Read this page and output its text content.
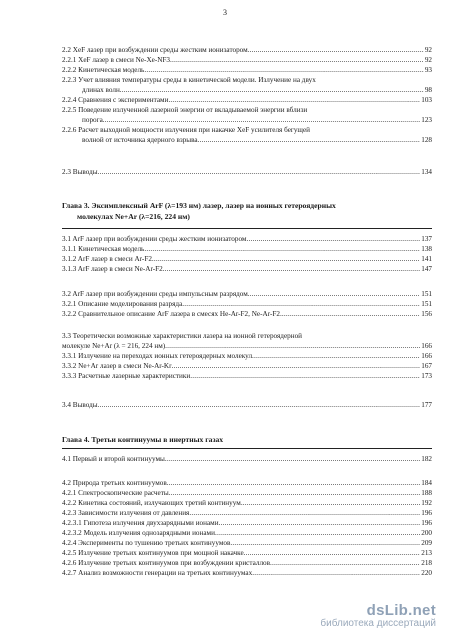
3
2.2 XeF лазер при возбуждении среды жестким ионизатором .....	92
2.2.1 XeF лазер в смеси Ne-Xe-NF3 .....	92
2.2.2 Кинетическая модель .....	93
2.2.3 Учет влияния температуры среды в кинетической модели. Излучение на двух
длинах волн .....	98
2.2.4 Сравнения с экспериментами .....	103
2.2.5 Поведение излученной лазерной энергии от вкладываемой энергии вблизи
порога .....	123
2.2.6 Расчет выходной мощности излучения при накачке XeF усилителя бегущей
волной от источника ядерного взрыва .....	128
2.3 Выводы .....	134
Глава 3. Эксимплексный ArF (λ=193 нм) лазер, лазер на ионных гетероядерных
молекулах Ne+Ar (λ=216, 224 нм)
3.1 ArF лазер при возбуждении среды жестким ионизатором .....	137
3.1.1 Кинетическая модель .....	138
3.1.2 ArF лазер в смеси Ar-F2 .....	141
3.1.3 ArF лазер в смеси Ne-Ar-F2 .....	147
3.2 ArF лазер при возбуждении среды импульсным разрядом .....	151
3.2.1 Описание моделирования разряда .....	151
3.2.2 Сравнительное описание ArF лазера в смесях He-Ar-F2, Ne-Ar-F2 .....	156
3.3 Теоретически возможные характеристики лазера на ионной гетероядерной
молекуле Ne+Ar (λ = 216, 224 нм) .....	166
3.3.1 Излучение на переходах ионных гетероядерных молекул .....	166
3.3.2 Ne+Ar лазер в смеси Ne-Ar-Kr .....	167
3.3.3 Расчетные лазерные характеристики .....	173
3.4 Выводы .....	177
Глава 4. Третьи континуумы в инертных газах
4.1 Первый и второй континуумы .....	182
4.2 Природа третьих континуумов .....	184
4.2.1 Спектроскопические расчеты .....	188
4.2.2 Кинетика состояний, излучающих третий континуум .....	192
4.2.3 Зависимости излучения от давления .....	196
4.2.3.1 Гипотеза излучения двухзарядными ионами .....	196
4.2.3.2 Модель излучения однозарядными ионами .....	200
4.2.4 Эксперименты по тушению третьих континуумов .....	209
4.2.5 Излучение третьих континуумов при мощной накачке .....	213
4.2.6 Излучение третьих континуумов при возбуждении кристаллов .....	218
4.2.7 Анализ возможности генерации на третьих континуумах .....	220
dsLib.net
библиотека диссертаций
